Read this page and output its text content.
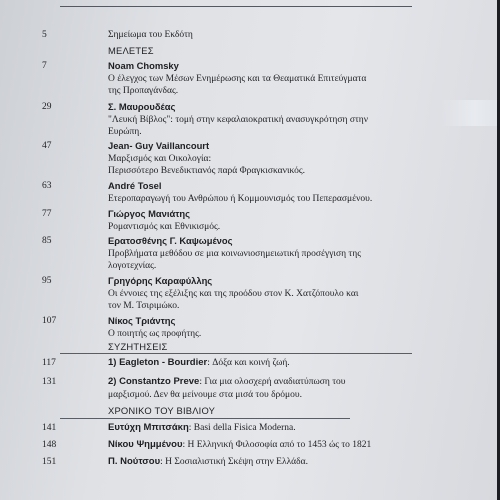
5	Σημείωμα του Εκδότη
ΜΕΛΕΤΕΣ
7	Noam Chomsky
Ο έλεγχος των Μέσων Ενημέρωσης και τα Θεαματικά Επιτεύγματα
της Προπαγάνδας.
29	Σ. Μαυρουδέας
"Λευκή Βίβλος": τομή στην κεφαλαιοκρατική ανασυγκρότηση στην
Ευρώπη.
47	Jean- Guy Vaillancourt
Μαρξισμός και Οικολογία:
Περισσότερο Βενεδικτιανός παρά Φραγκισκανικός.
63	André Tosel
Ετεροπαραγωγή του Ανθρώπου ή Κομμουνισμός του Πεπερασμένου.
77	Γιώργος Μανιάτης
Ρομαντισμός και Εθνικισμός.
85	Ερατοσθένης Γ. Καψωμένος
Προβλήματα μεθόδου σε μια κοινωνιοσημειωτική προσέγγιση της
λογοτεχνίας.
95	Γρηγόρης Καραφύλλης
Οι έννοιες της εξέλιξης και της προόδου στον Κ. Χατζόπουλο και
τον Μ. Τσιριμώκο.
107	Νίκος Τριάντης
Ο ποιητής ως προφήτης.
ΣΥΖΗΤΗΣΕΙΣ
117	1) Eagleton - Bourdier: Δόξα και κοινή ζωή.
131	2) Constantzo Preve: Για μια ολοσχερή αναδιατύπωση του
μαρξισμού. Δεν θα μείνουμε στα μισά του δρόμου.
ΧΡΟΝΙΚΟ ΤΟΥ ΒΙΒΛΙΟΥ
141	Ευτύχη Μπιτσάκη: Basi della Fisica Moderna.
148	Νίκου Ψημμένου: Η Ελληνική Φιλοσοφία από το 1453 ώς το 1821
151	Π. Νούτσου: Η Σοσιαλιστική Σκέψη στην Ελλάδα.
